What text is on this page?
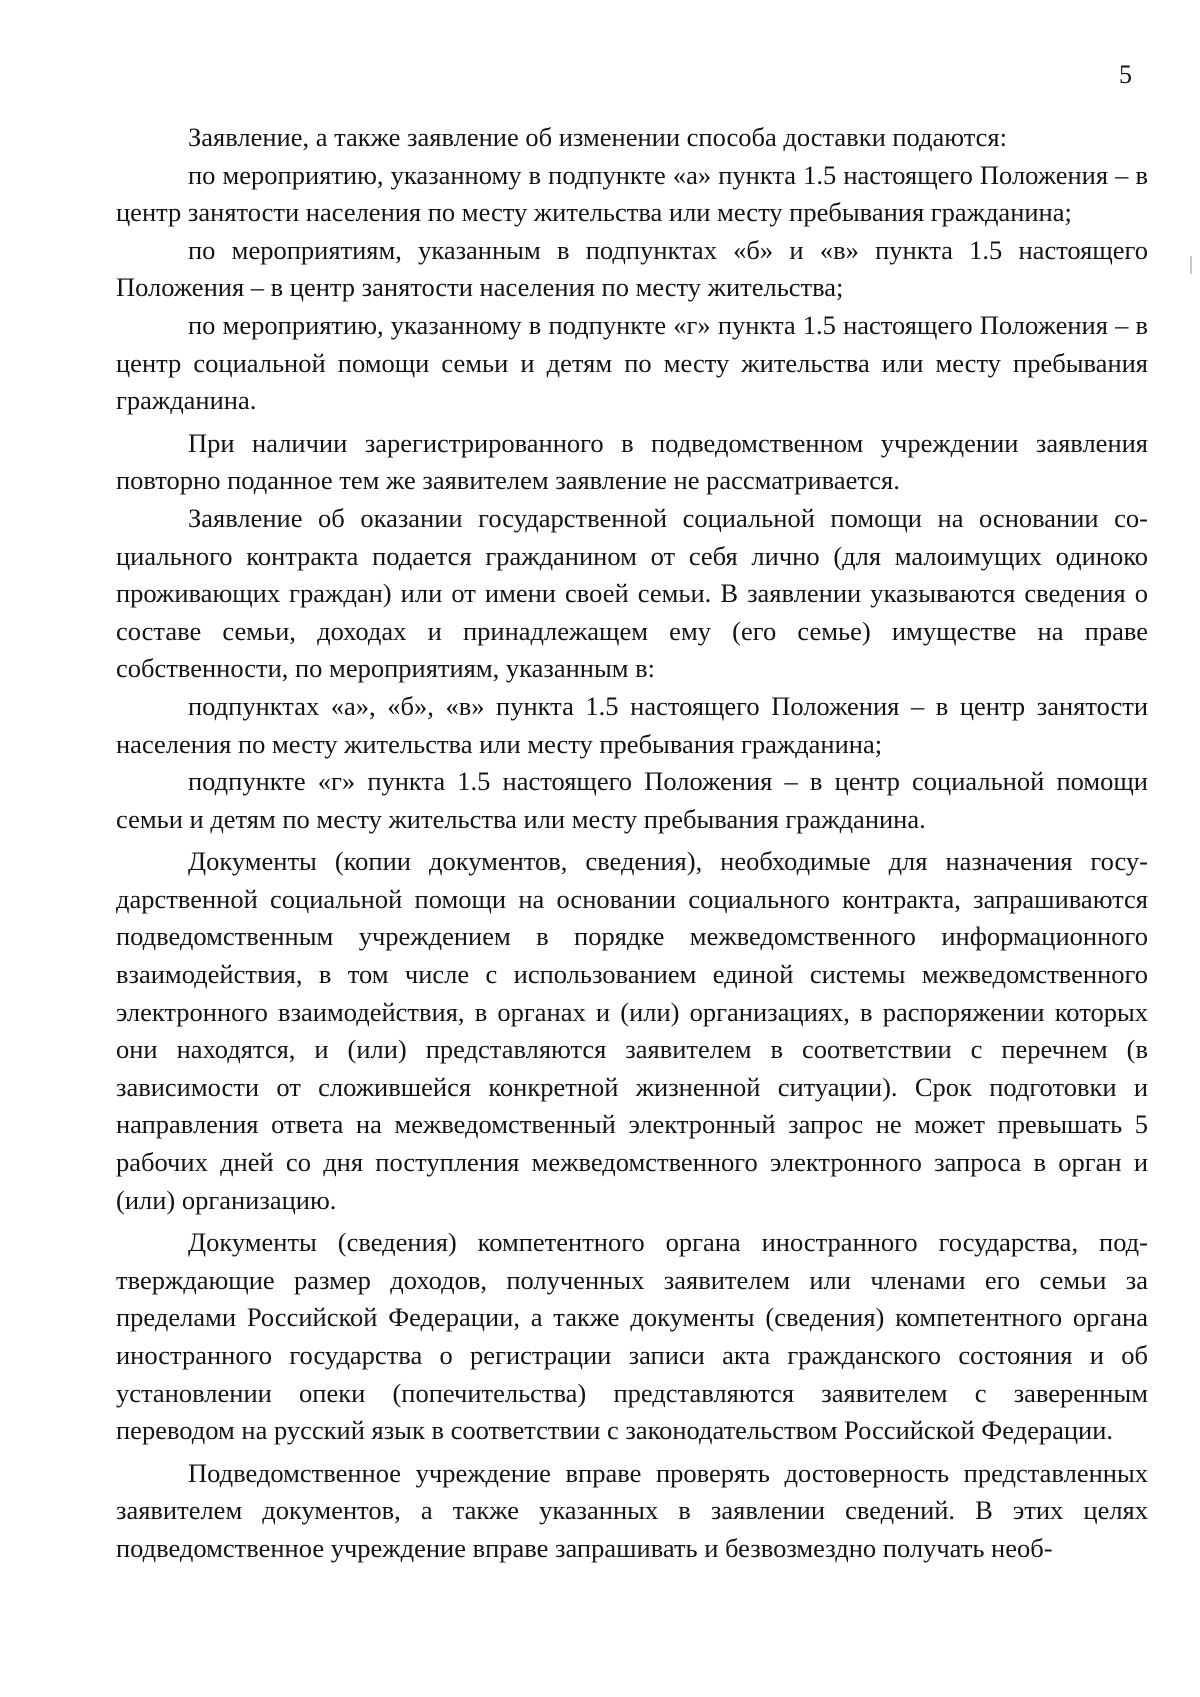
5

Заявление, а также заявление об изменении способа доставки подаются:

по мероприятию, указанному в подпункте «а» пункта 1.5 настоящего Положения – в центр занятости населения по месту жительства или месту пребывания гражданина;

по мероприятиям, указанным в подпунктах «б» и «в» пункта 1.5 настоящего Положения – в центр занятости населения по месту жительства;

по мероприятию, указанному в подпункте «г» пункта 1.5 настоящего Положения – в центр социальной помощи семьи и детям по месту жительства или месту пребывания гражданина.

При наличии зарегистрированного в подведомственном учреждении заявления повторно поданное тем же заявителем заявление не рассматривается.

Заявление об оказании государственной социальной помощи на основании социального контракта подается гражданином от себя лично (для малоимущих одиноко проживающих граждан) или от имени своей семьи. В заявлении указываются сведения о составе семьи, доходах и принадлежащем ему (его семье) имуществе на праве собственности, по мероприятиям, указанным в:

подпунктах «а», «б», «в» пункта 1.5 настоящего Положения – в центр занятости населения по месту жительства или месту пребывания гражданина;

подпункте «г» пункта 1.5 настоящего Положения – в центр социальной помощи семьи и детям по месту жительства или месту пребывания гражданина.

Документы (копии документов, сведения), необходимые для назначения государственной социальной помощи на основании социального контракта, запрашиваются подведомственным учреждением в порядке межведомственного информационного взаимодействия, в том числе с использованием единой системы межведомственного электронного взаимодействия, в органах и (или) организациях, в распоряжении которых они находятся, и (или) представляются заявителем в соответствии с перечнем (в зависимости от сложившейся конкретной жизненной ситуации). Срок подготовки и направления ответа на межведомственный электронный запрос не может превышать 5 рабочих дней со дня поступления межведомственного электронного запроса в орган и (или) организацию.

Документы (сведения) компетентного органа иностранного государства, подтверждающие размер доходов, полученных заявителем или членами его семьи за пределами Российской Федерации, а также документы (сведения) компетентного органа иностранного государства о регистрации записи акта гражданского состояния и об установлении опеки (попечительства) представляются заявителем с заверенным переводом на русский язык в соответствии с законодательством Российской Федерации.

Подведомственное учреждение вправе проверять достоверность представленных заявителем документов, а также указанных в заявлении сведений. В этих целях подведомственное учреждение вправе запрашивать и безвозмездно получать необ-
